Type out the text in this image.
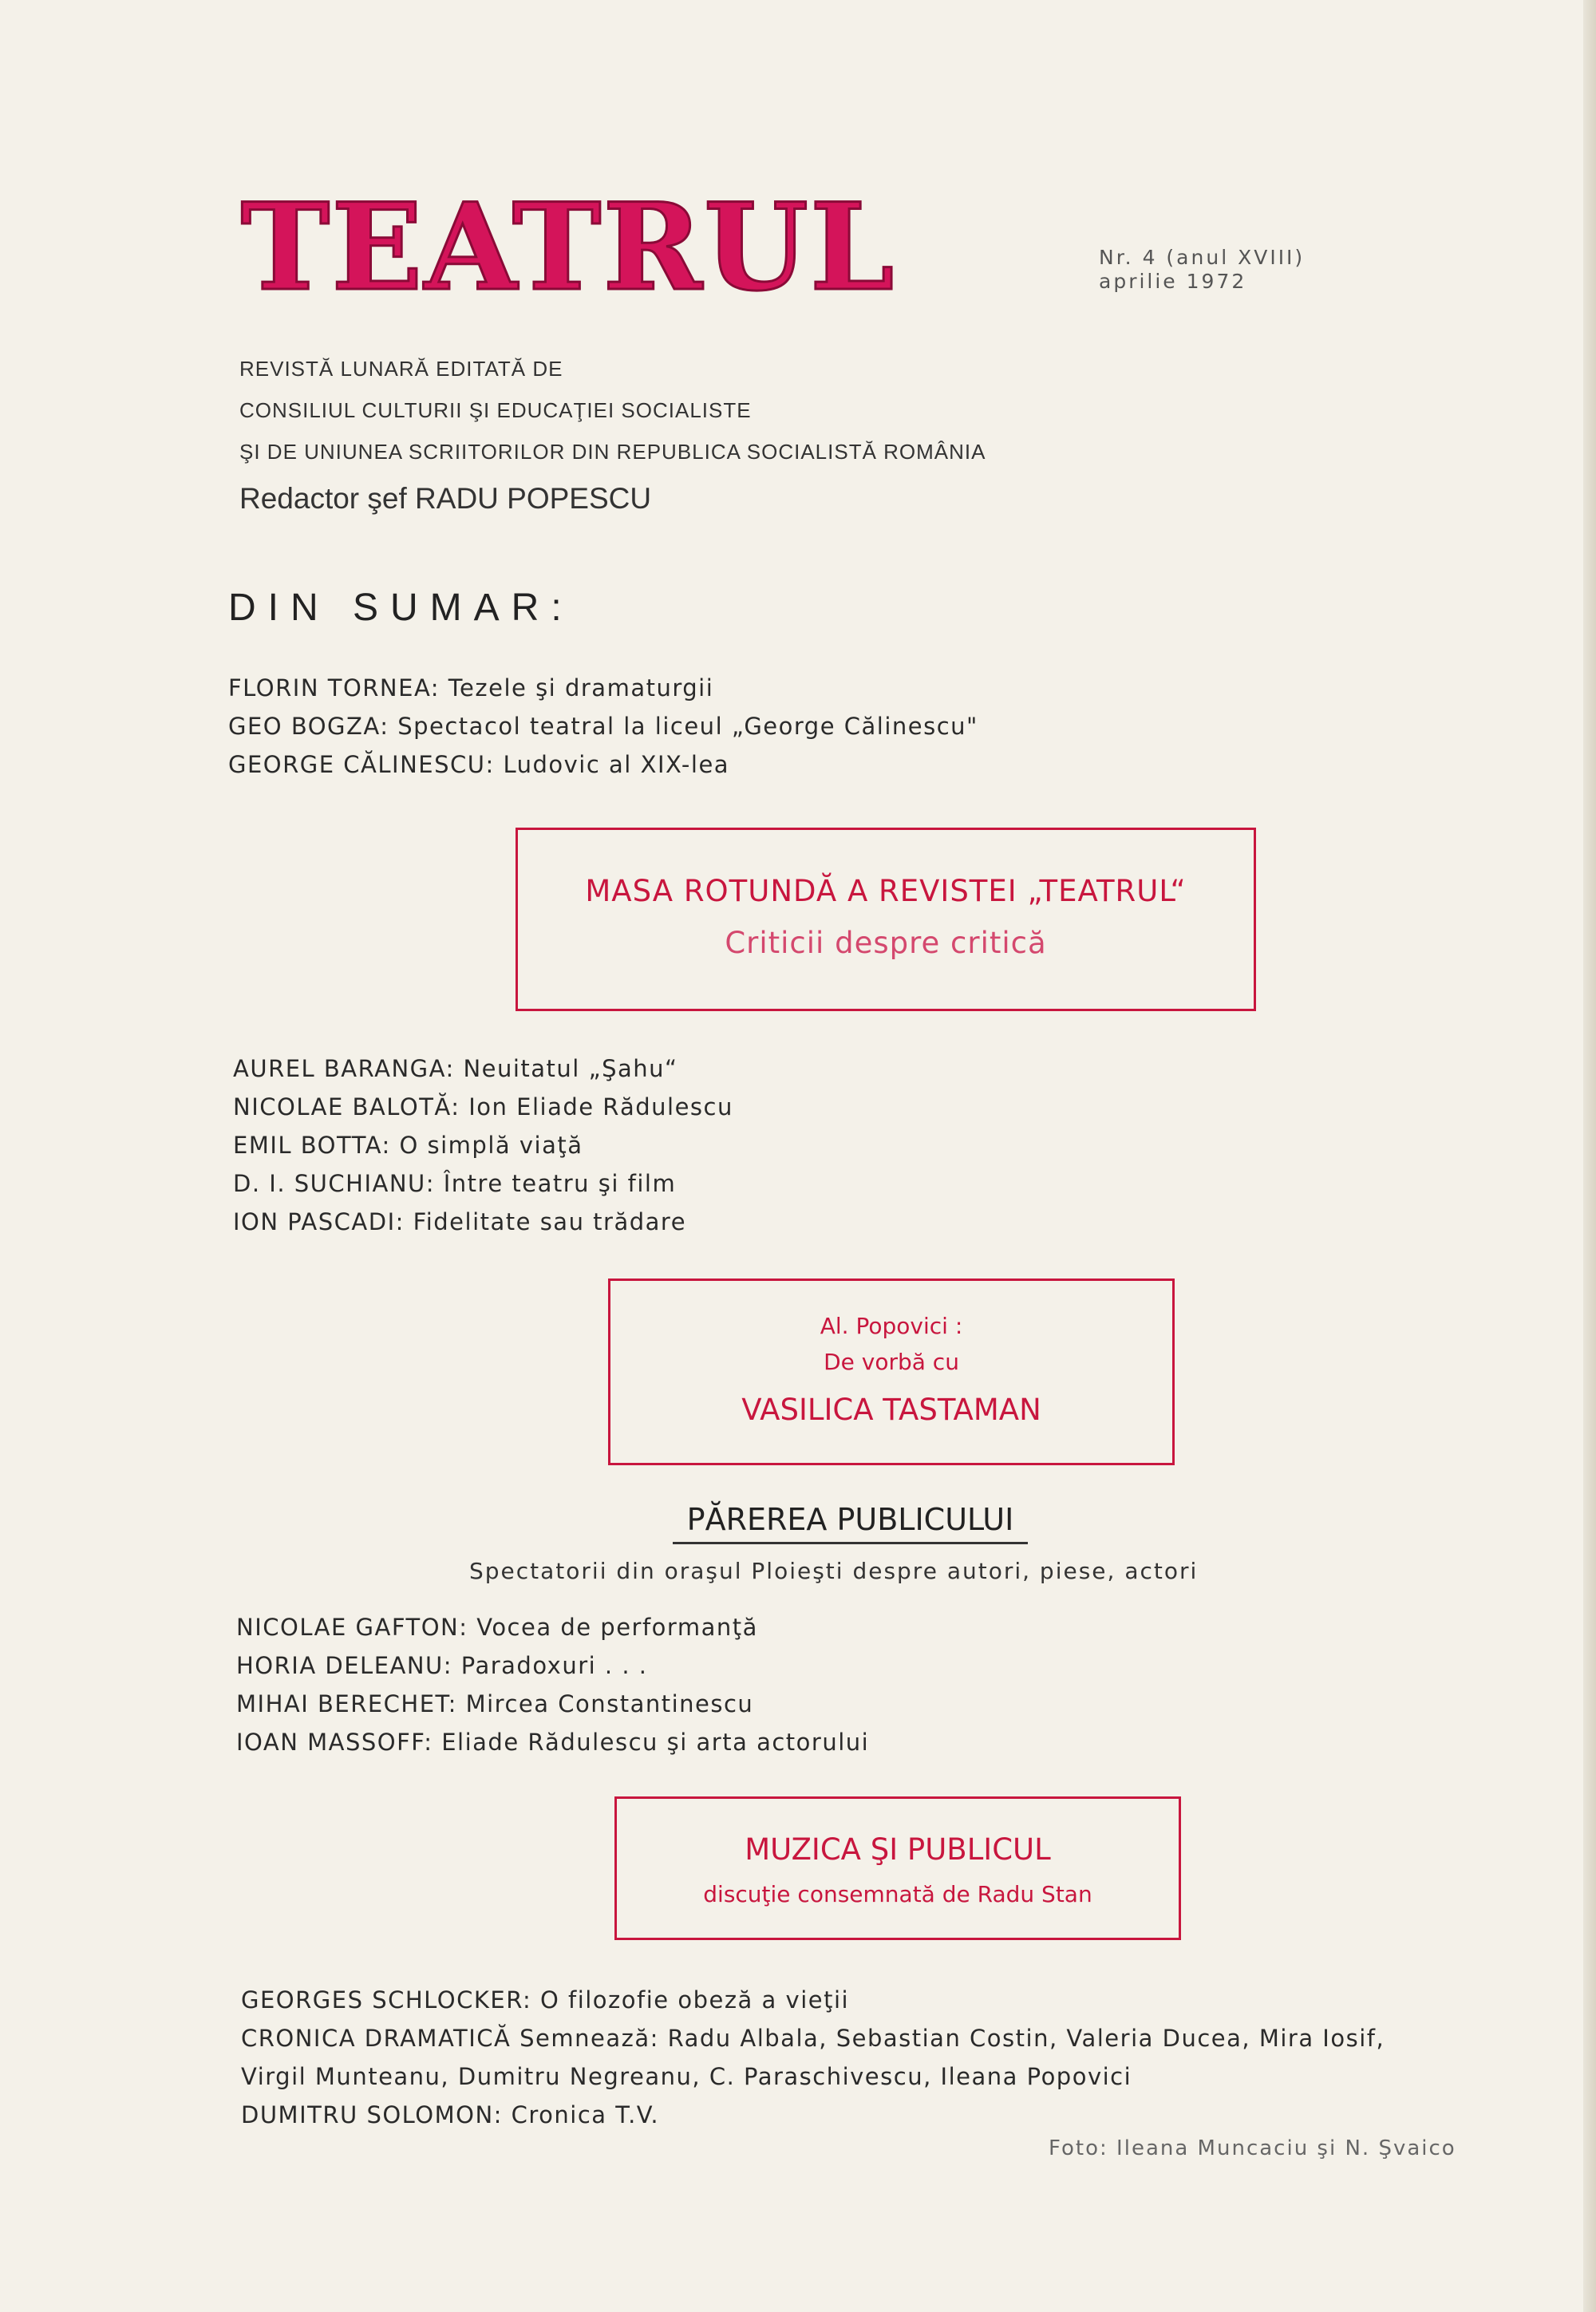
TEATRUL	Nr. 4 (anul XVIII)
aprilie 1972
REVISTĂ LUNARĂ EDITATĂ DE
CONSILIUL CULTURII ŞI EDUCAŢIEI SOCIALISTE
ŞI DE UNIUNEA SCRIITORILOR DIN REPUBLICA SOCIALISTĂ ROMÂNIA
Redactor şef RADU POPESCU
DIN SUMAR:
FLORIN TORNEA: Tezele şi dramaturgii
GEO BOGZA: Spectacol teatral la liceul „George Călinescu"
GEORGE CĂLINESCU: Ludovic al XIX-lea
MASA ROTUNDĂ A REVISTEI „TEATRUL“
Criticii despre critică
AUREL BARANGA: Neuitatul „Şahu“
NICOLAE BALOTĂ: Ion Eliade Rădulescu
EMIL BOTTA: O simplă viaţă
D. I. SUCHIANU: Între teatru şi film
ION PASCADI: Fidelitate sau trădare
Al. Popovici :
De vorbă cu
VASILICA TASTAMAN
PĂREREA PUBLICULUI
Spectatorii din oraşul Ploieşti despre autori, piese, actori
NICOLAE GAFTON: Vocea de performanţă
HORIA DELEANU: Paradoxuri . . .
MIHAI BERECHET: Mircea Constantinescu
IOAN MASSOFF: Eliade Rădulescu şi arta actorului
MUZICA ŞI PUBLICUL
discuţie consemnată de Radu Stan
GEORGES SCHLOCKER: O filozofie obeză a vieţii
CRONICA DRAMATICĂ Semnează: Radu Albala, Sebastian Costin, Valeria Ducea, Mira Iosif,
Virgil Munteanu, Dumitru Negreanu, C. Paraschivescu, Ileana Popovici
DUMITRU SOLOMON: Cronica T.V.
Foto: Ileana Muncaciu şi N. Şvaico
